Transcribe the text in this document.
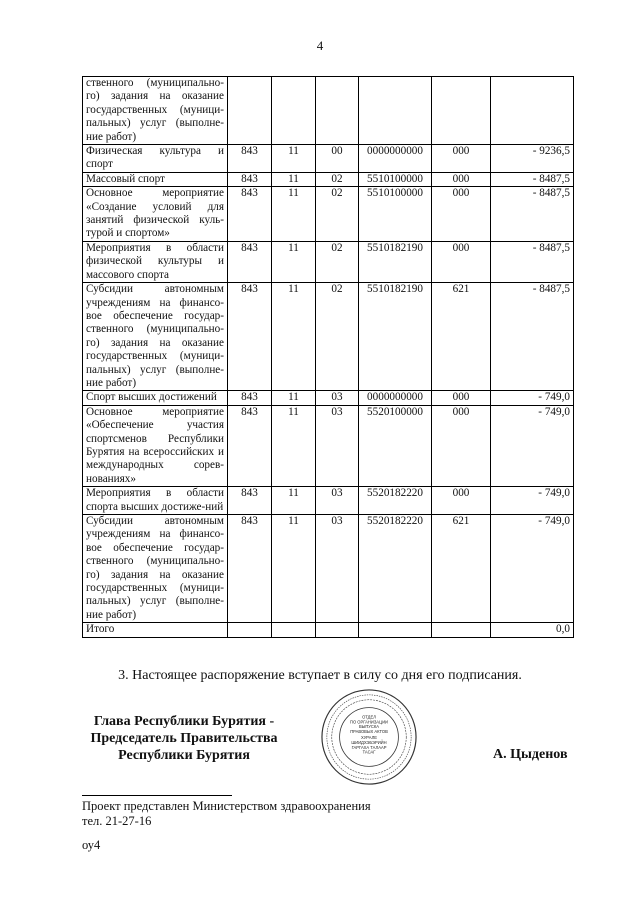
4
ственного (муниципально-го) задания на оказание государственных (муници-пальных) услуг (выполне-ние работ)						
Физическая культура и спорт	843	11	00	0000000000	000	- 9236,5
Массовый спорт	843	11	02	5510100000	000	- 8487,5
Основное мероприятие «Создание условий для занятий физической куль-турой и спортом»	843	11	02	5510100000	000	- 8487,5
Мероприятия в области физической культуры и массового спорта	843	11	02	5510182190	000	- 8487,5
Субсидии автономным учреждениям на финансо-вое обеспечение государ-ственного (муниципально-го) задания на оказание государственных (муници-пальных) услуг (выполне-ние работ)	843	11	02	5510182190	621	- 8487,5
Спорт высших достижений	843	11	03	0000000000	000	- 749,0
Основное мероприятие «Обеспечение участия спортсменов Республики Бурятия на всероссийских и международных сорев-нованиях»	843	11	03	5520100000	000	- 749,0
Мероприятия в области спорта высших достиже-ний	843	11	03	5520182220	000	- 749,0
Субсидии автономным учреждениям на финансо-вое обеспечение государ-ственного (муниципально-го) задания на оказание государственных (муници-пальных) услуг (выполне-ние работ)	843	11	03	5520182220	621	- 749,0
Итого						0,0
3. Настоящее распоряжение вступает в силу со дня его подписания.
Глава Республики Бурятия -
Председатель Правительства
Республики Бурятия
ОТДЕЛ
ПО ОРГАНИЗАЦИИ
ВЫПУСКА
ПРАВОВЫХ АКТОВ
ХУРАЛЕ
ШИИДХЭБЭРИЙН
ГАРГАХА ТАЛААР
ТАСАГ	А. Цыденов
Проект представлен Министерством здравоохранения
тел. 21-27-16
оу4
